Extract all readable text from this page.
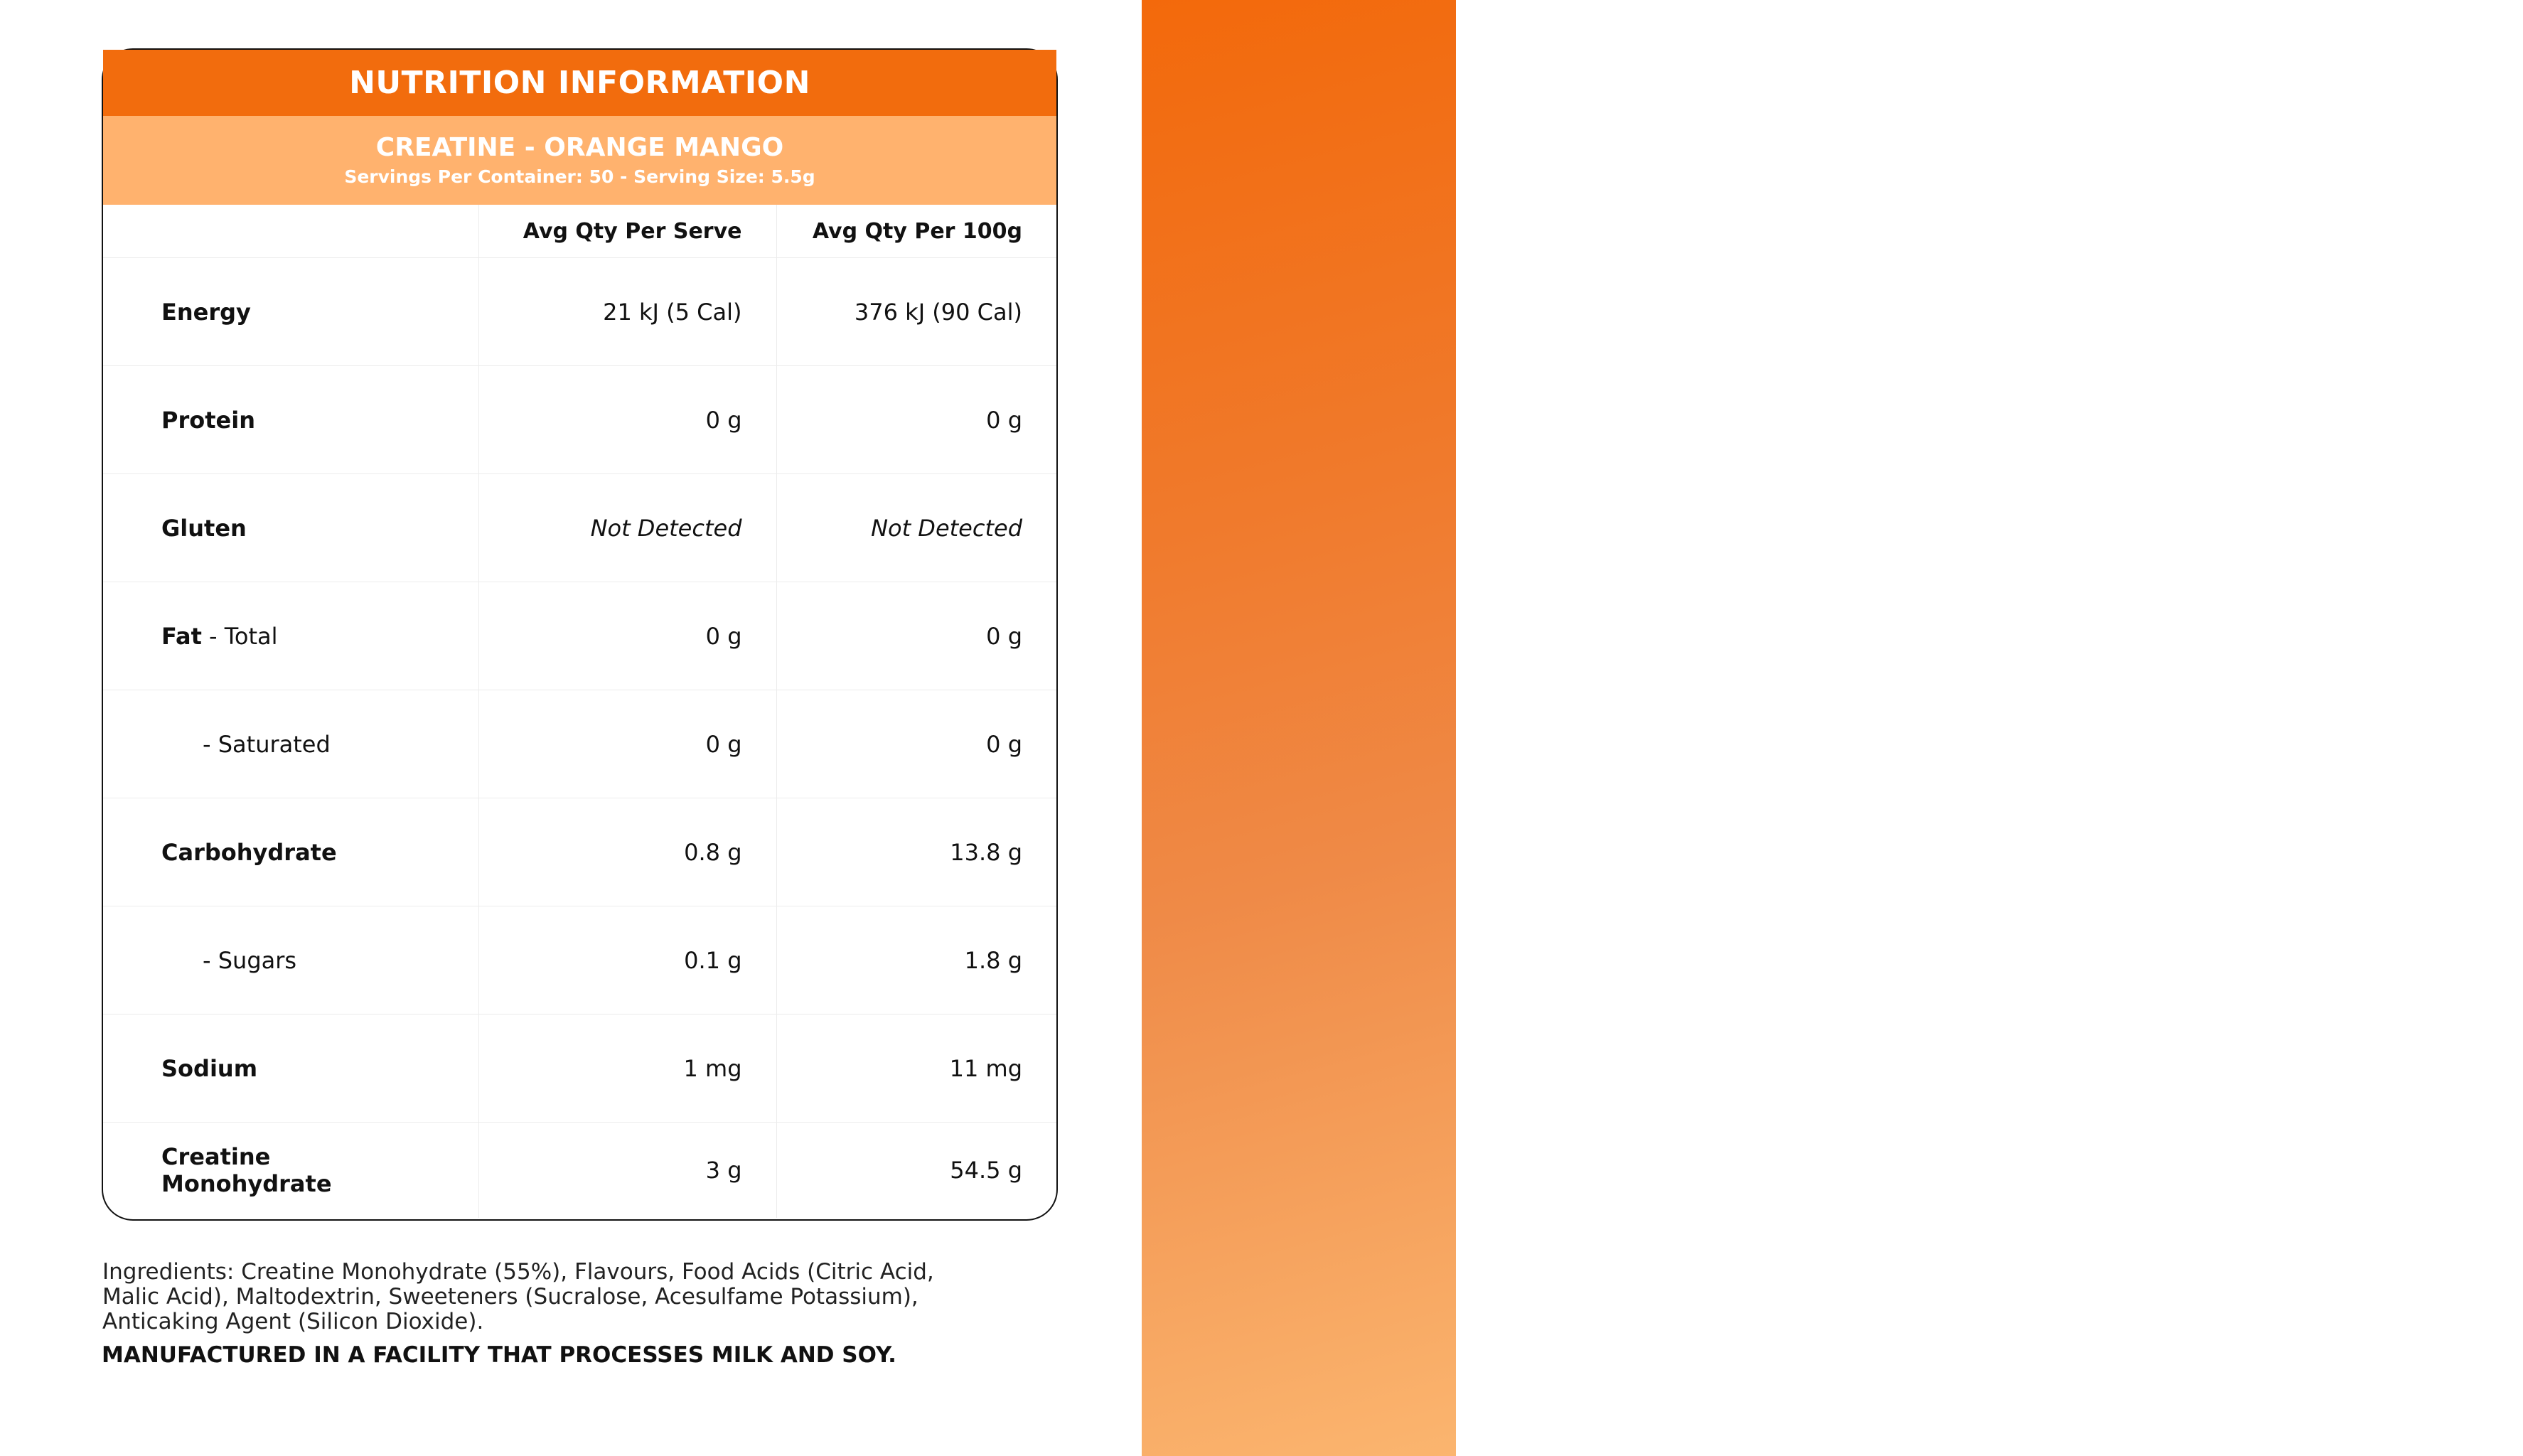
ORANGE MANGO
NUTRITION INFORMATION
CREATINE - ORANGE MANGO
Servings Per Container: 50 - Serving Size: 5.5g
	Avg Qty Per Serve	Avg Qty Per 100g
Energy	21 kJ (5 Cal)	376 kJ (90 Cal)
Protein	0 g	0 g
Gluten	Not Detected	Not Detected
Fat - Total	0 g	0 g
- Saturated	0 g	0 g
Carbohydrate	0.8 g	13.8 g
- Sugars	0.1 g	1.8 g
Sodium	1 mg	11 mg

Creatine
Monohydrate	3 g	54.5 g
Ingredients: Creatine Monohydrate (55%), Flavours, Food Acids (Citric Acid,
Malic Acid), Maltodextrin, Sweeteners (Sucralose, Acesulfame Potassium),
Anticaking Agent (Silicon Dioxide).
MANUFACTURED IN A FACILITY THAT PROCESSES MILK AND SOY.
